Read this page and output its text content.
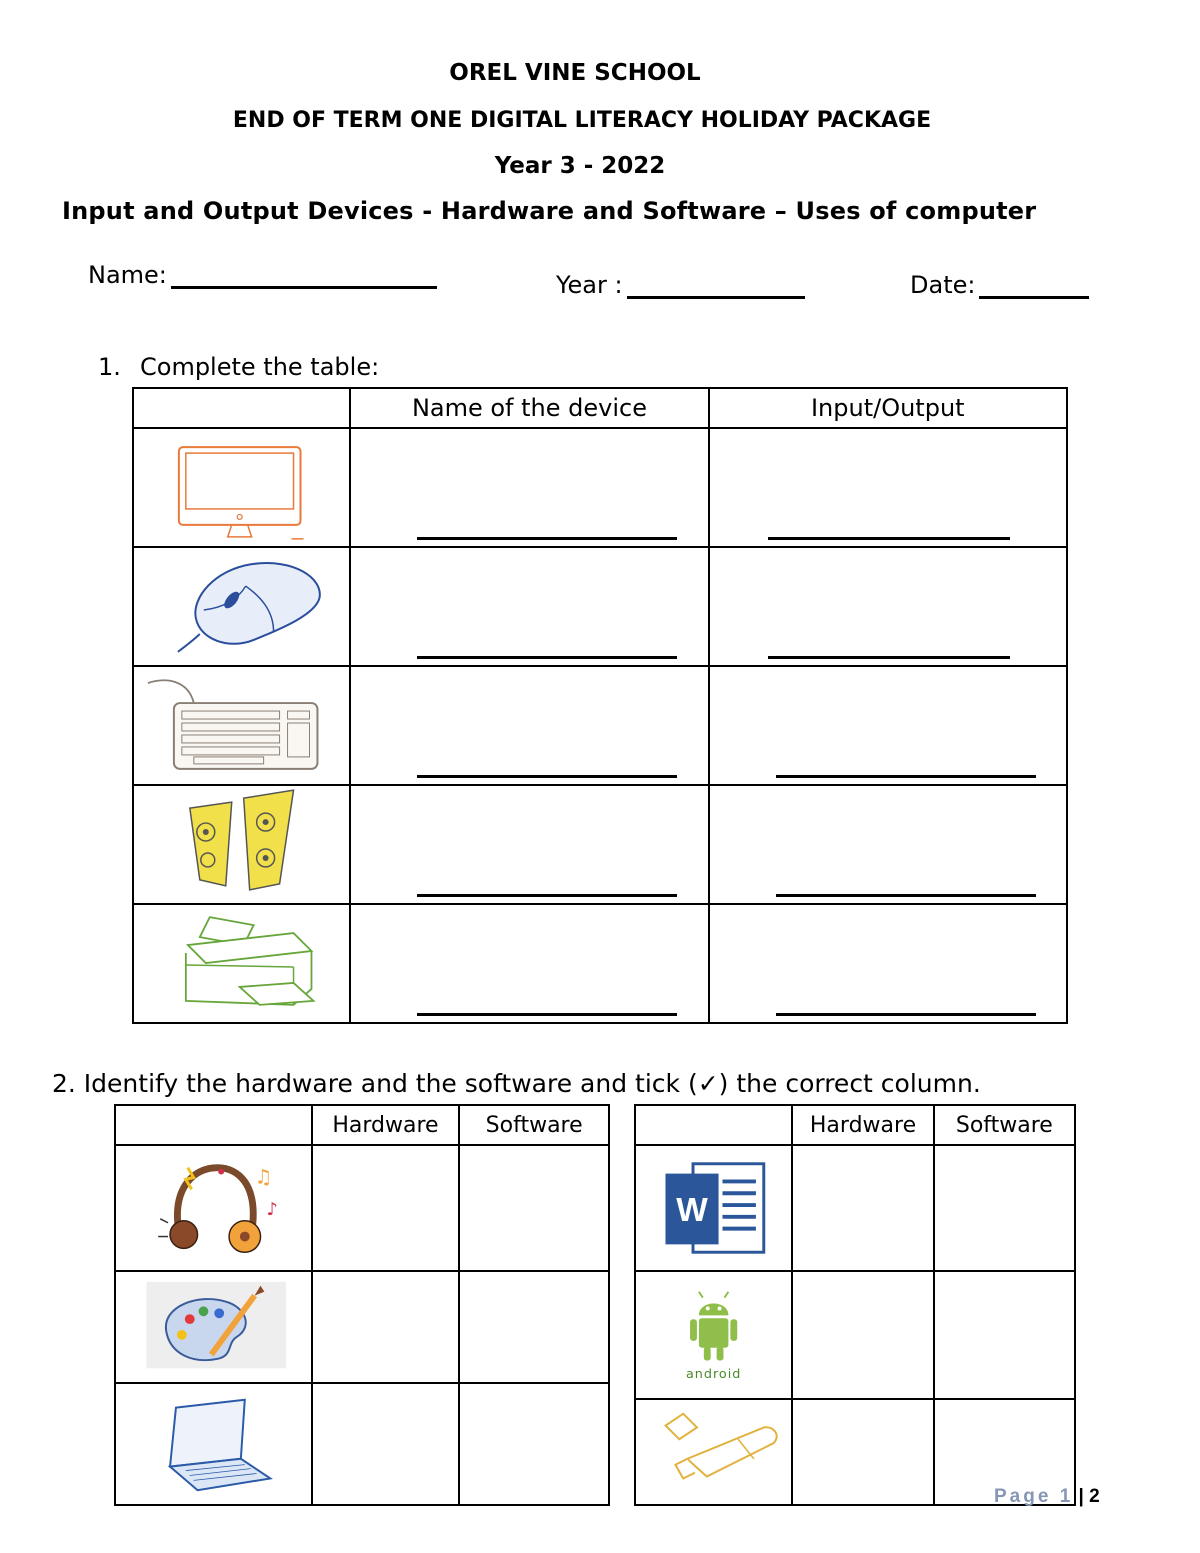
OREL VINE SCHOOL
END OF TERM ONE DIGITAL LITERACY HOLIDAY PACKAGE
Year 3 - 2022
Input and Output Devices - Hardware and Software – Uses of computer
Name:	Year :	Date:
1. Complete the table:
	Name of the device	Input/Output

2. Identify the hardware and the software and tick (✓) the correct column.
	Hardware	Software

♫
♪		

	Hardware	Software

W		

android		

Page 1 | 2
